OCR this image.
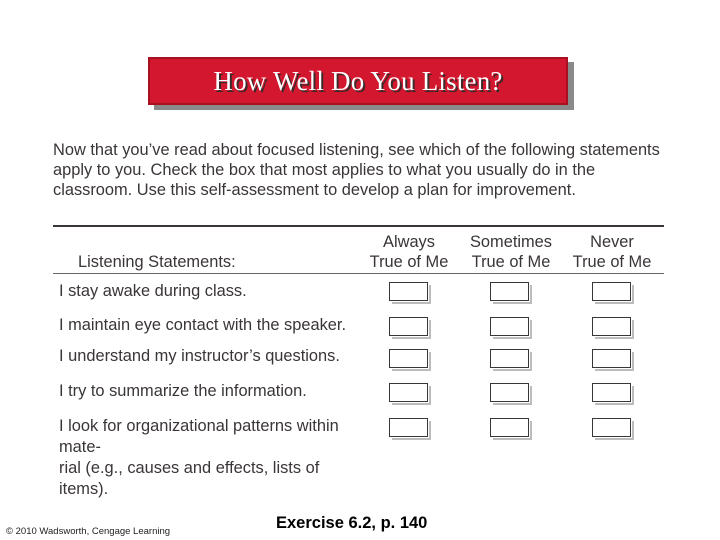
How Well Do You Listen?

Now that you’ve read about focused listening, see which of the following statements apply to you. Check the box that most applies to what you usually do in the classroom. Use this self-assessment to develop a plan for improvement.

Listening Statements:
Always
True of Me
Sometimes
True of Me
Never
True of Me
I stay awake during class.
I maintain eye contact with the speaker.
I understand my instructor’s questions.
I try to summarize the information.
I look for organizational patterns within mate-
rial (e.g., causes and effects, lists of items).
© 2010 Wadsworth, Cengage Learning	Exercise 6.2, p. 140
